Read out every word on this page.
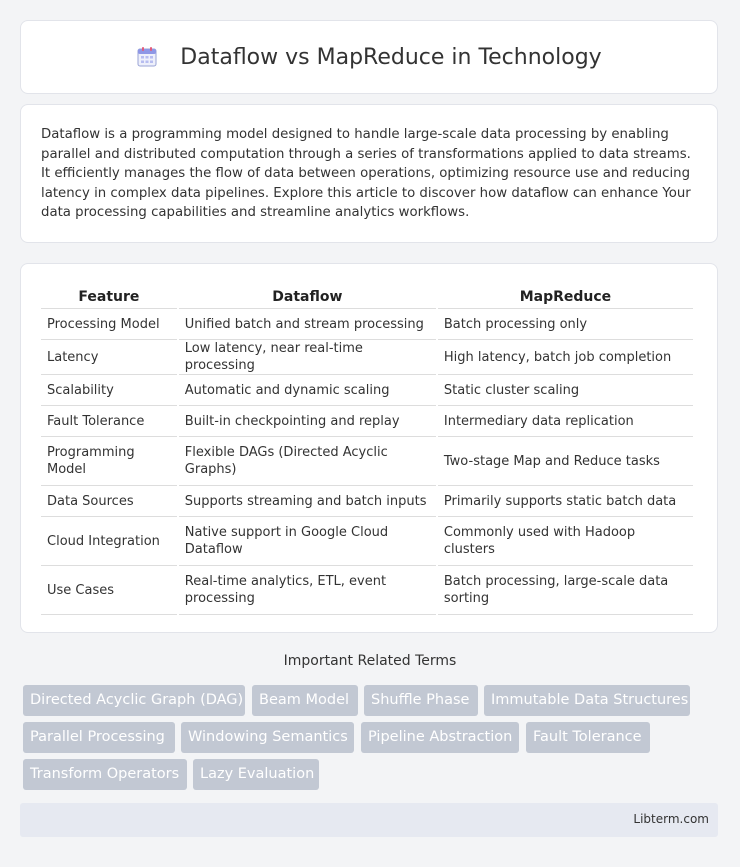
Dataflow vs MapReduce in Technology

Dataflow is a programming model designed to handle large-scale data processing by enabling parallel and distributed computation through a series of transformations applied to data streams. It efficiently manages the flow of data between operations, optimizing resource use and reducing latency in complex data pipelines. Explore this article to discover how dataflow can enhance Your data processing capabilities and streamline analytics workflows.

Feature	Dataflow	MapReduce
Processing Model	Unified batch and stream processing	Batch processing only
Latency	Low latency, near real-time processing	High latency, batch job completion
Scalability	Automatic and dynamic scaling	Static cluster scaling
Fault Tolerance	Built-in checkpointing and replay	Intermediary data replication
Programming Model	Flexible DAGs (Directed Acyclic Graphs)	Two-stage Map and Reduce tasks
Data Sources	Supports streaming and batch inputs	Primarily supports static batch data
Cloud Integration	Native support in Google Cloud Dataflow	Commonly used with Hadoop clusters
Use Cases	Real-time analytics, ETL, event processing	Batch processing, large-scale data sorting
Important Related Terms
Directed Acyclic Graph (DAG)	Beam Model	Shuffle Phase	Immutable Data Structures
Parallel Processing	Windowing Semantics	Pipeline Abstraction	Fault Tolerance
Transform Operators	Lazy Evaluation
Libterm.com
